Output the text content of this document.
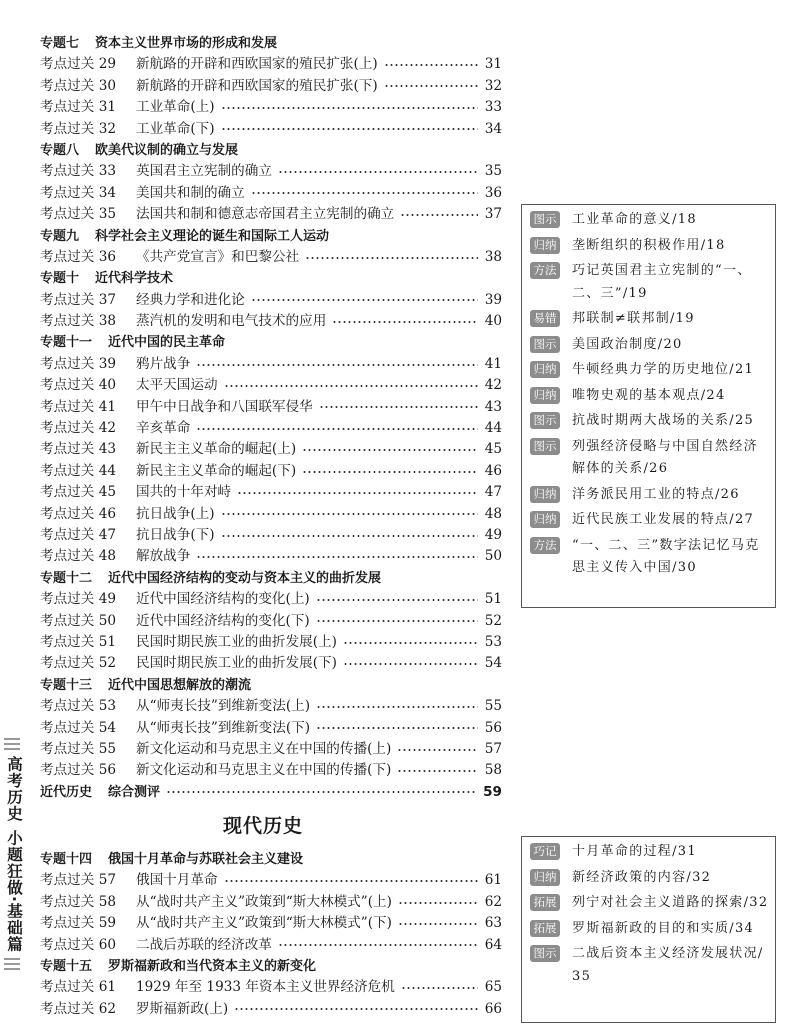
专题七 资本主义世界市场的形成和发展
考点过关 29	新航路的开辟和西欧国家的殖民扩张(上)	31
考点过关 30	新航路的开辟和西欧国家的殖民扩张(下)	32
考点过关 31	工业革命(上)	33
考点过关 32	工业革命(下)	34
专题八 欧美代议制的确立与发展
考点过关 33	英国君主立宪制的确立	35
考点过关 34	美国共和制的确立	36
考点过关 35	法国共和制和德意志帝国君主立宪制的确立	37
专题九 科学社会主义理论的诞生和国际工人运动
考点过关 36	《共产党宣言》和巴黎公社	38
专题十 近代科学技术
考点过关 37	经典力学和进化论	39
考点过关 38	蒸汽机的发明和电气技术的应用	40
专题十一 近代中国的民主革命
考点过关 39	鸦片战争	41
考点过关 40	太平天国运动	42
考点过关 41	甲午中日战争和八国联军侵华	43
考点过关 42	辛亥革命	44
考点过关 43	新民主主义革命的崛起(上)	45
考点过关 44	新民主主义革命的崛起(下)	46
考点过关 45	国共的十年对峙	47
考点过关 46	抗日战争(上)	48
考点过关 47	抗日战争(下)	49
考点过关 48	解放战争	50
专题十二 近代中国经济结构的变动与资本主义的曲折发展
考点过关 49	近代中国经济结构的变化(上)	51
考点过关 50	近代中国经济结构的变化(下)	52
考点过关 51	民国时期民族工业的曲折发展(上)	53
考点过关 52	民国时期民族工业的曲折发展(下)	54
专题十三 近代中国思想解放的潮流
考点过关 53	从“师夷长技”到维新变法(上)	55
考点过关 54	从“师夷长技”到维新变法(下)	56
考点过关 55	新文化运动和马克思主义在中国的传播(上)	57
考点过关 56	新文化运动和马克思主义在中国的传播(下)	58
近代历史 综合测评	59
现代历史
专题十四 俄国十月革命与苏联社会主义建设
考点过关 57	俄国十月革命	61
考点过关 58	从“战时共产主义”政策到“斯大林模式”(上)	62
考点过关 59	从“战时共产主义”政策到“斯大林模式”(下)	63
考点过关 60	二战后苏联的经济改革	64
专题十五 罗斯福新政和当代资本主义的新变化
考点过关 61	1929 年至 1933 年资本主义世界经济危机	65
考点过关 62	罗斯福新政(上)	66
图示 工业革命的意义/18
归纳 垄断组织的积极作用/18
方法 巧记英国君主立宪制的“一、二、三”/19
易错 邦联制≠联邦制/19
图示 美国政治制度/20
归纳 牛顿经典力学的历史地位/21
归纳 唯物史观的基本观点/24
图示 抗战时期两大战场的关系/25
图示 列强经济侵略与中国自然经济解体的关系/26
归纳 洋务派民用工业的特点/26
归纳 近代民族工业发展的特点/27
方法 “一、二、三”数字法记忆马克思主义传入中国/30
巧记 十月革命的过程/31
归纳 新经济政策的内容/32
拓展 列宁对社会主义道路的探索/32
拓展 罗斯福新政的目的和实质/34
图示 二战后资本主义经济发展状况/35
高考历史
小题狂做·基础篇
